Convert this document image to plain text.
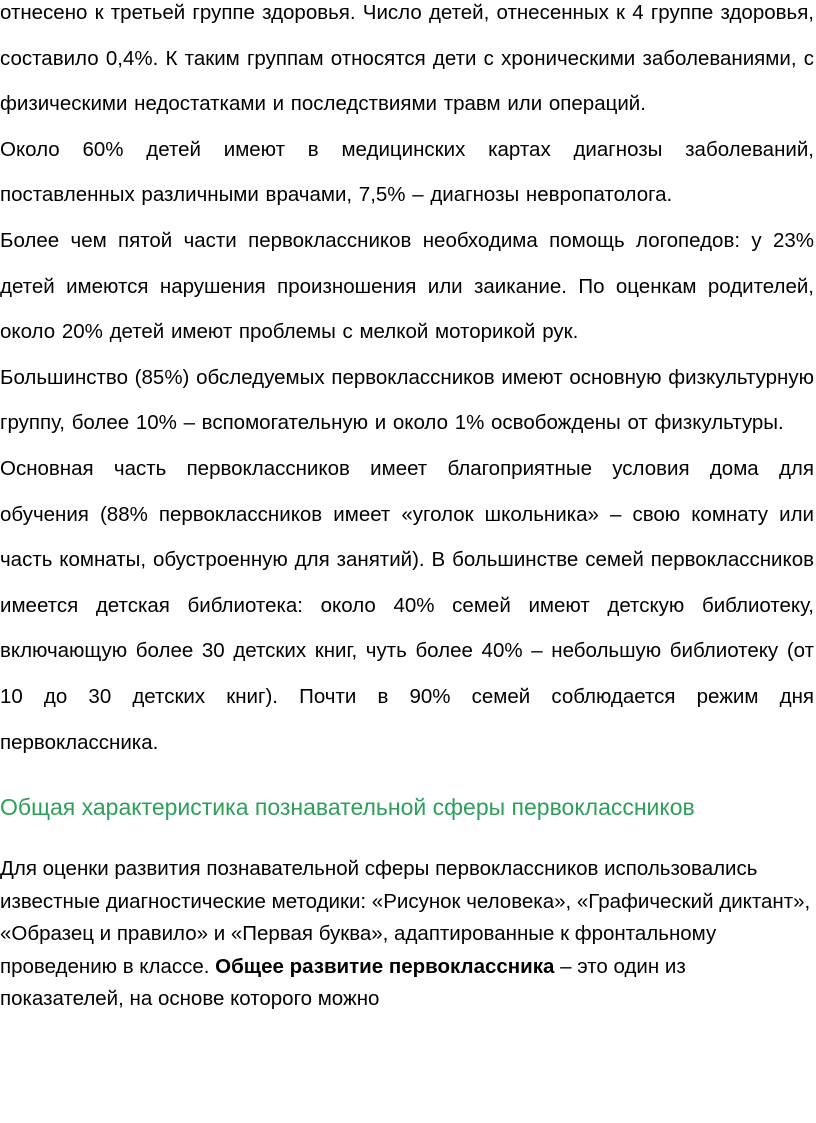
отнесено к третьей группе здоровья. Число детей, отнесенных к 4 группе здоровья, составило 0,4%. К таким группам относятся дети с хроническими заболеваниями, с физическими недостатками и последствиями травм или операций.

Около 60% детей имеют в медицинских картах диагнозы заболеваний, поставленных различными врачами, 7,5% – диагнозы невропатолога.

Более чем пятой части первоклассников необходима помощь логопедов: у 23% детей имеются нарушения произношения или заикание. По оценкам родителей, около 20% детей имеют проблемы с мелкой моторикой рук.

Большинство (85%) обследуемых первоклассников имеют основную физкультурную группу, более 10% – вспомогательную и около 1% освобождены от физкультуры.

Основная часть первоклассников имеет благоприятные условия дома для обучения (88% первоклассников имеет «уголок школьника» – свою комнату или часть комнаты, обустроенную для занятий). В большинстве семей первоклассников имеется детская библиотека: около 40% семей имеют детскую библиотеку, включающую более 30 детских книг, чуть более 40% – небольшую библиотеку (от 10 до 30 детских книг). Почти в 90% семей соблюдается режим дня первоклассника.

Общая характеристика познавательной сферы первоклассников

Для оценки развития познавательной сферы первоклассников использовались известные диагностические методики: «Рисунок человека», «Графический диктант», «Образец и правило» и «Первая буква», адаптированные к фронтальному проведению в классе. Общее развитие первоклассника – это один из показателей, на основе которого можно
